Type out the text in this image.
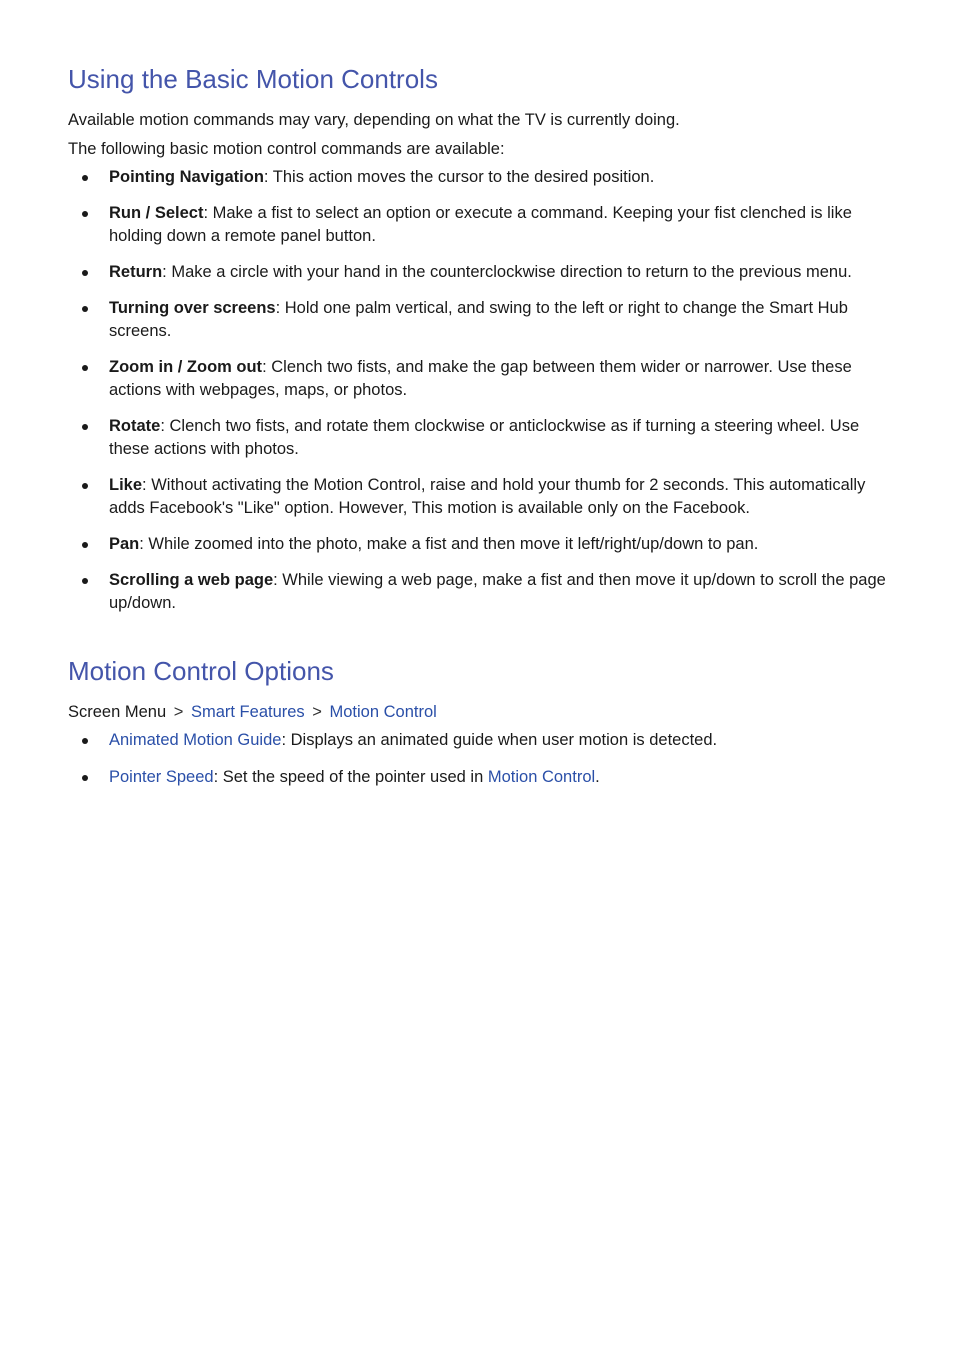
Using the Basic Motion Controls

Available motion commands may vary, depending on what the TV is currently doing.

The following basic motion control commands are available:

Pointing Navigation: This action moves the cursor to the desired position.
Run / Select: Make a fist to select an option or execute a command. Keeping your fist clenched is like holding down a remote panel button.
Return: Make a circle with your hand in the counterclockwise direction to return to the previous menu.
Turning over screens: Hold one palm vertical, and swing to the left or right to change the Smart Hub screens.
Zoom in / Zoom out: Clench two fists, and make the gap between them wider or narrower. Use these actions with webpages, maps, or photos.
Rotate: Clench two fists, and rotate them clockwise or anticlockwise as if turning a steering wheel. Use these actions with photos.
Like: Without activating the Motion Control, raise and hold your thumb for 2 seconds. This automatically adds Facebook's "Like" option. However, This motion is available only on the Facebook.
Pan: While zoomed into the photo, make a fist and then move it left/right/up/down to pan.
Scrolling a web page: While viewing a web page, make a fist and then move it up/down to scroll the page up/down.
Motion Control Options

Screen Menu > Smart Features > Motion Control

Animated Motion Guide: Displays an animated guide when user motion is detected.
Pointer Speed: Set the speed of the pointer used in Motion Control.
